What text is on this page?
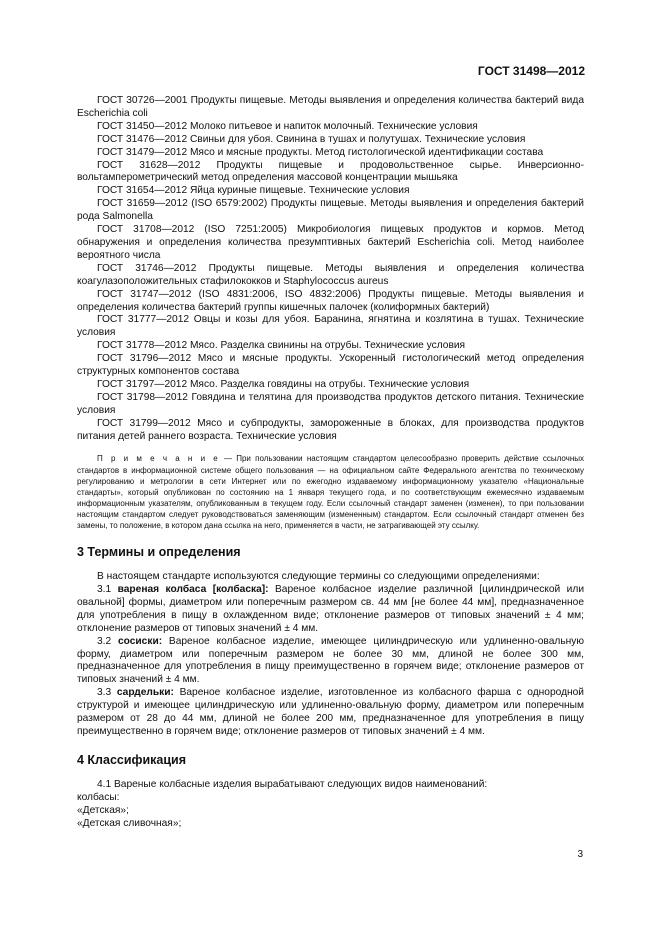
ГОСТ 31498—2012

ГОСТ 30726—2001 Продукты пищевые. Методы выявления и определения количества бактерий вида Escherichia coli

ГОСТ 31450—2012 Молоко питьевое и напиток молочный. Технические условия

ГОСТ 31476—2012 Свиньи для убоя. Свинина в тушах и полутушах. Технические условия

ГОСТ 31479—2012 Мясо и мясные продукты. Метод гистологической идентификации состава

ГОСТ 31628—2012 Продукты пищевые и продовольственное сырье. Инверсионно-вольтамперометрический метод определения массовой концентрации мышьяка

ГОСТ 31654—2012 Яйца куриные пищевые. Технические условия

ГОСТ 31659—2012 (ISO 6579:2002) Продукты пищевые. Методы выявления и определения бактерий рода Salmonella

ГОСТ 31708—2012 (ISO 7251:2005) Микробиология пищевых продуктов и кормов. Метод обнаружения и определения количества презумптивных бактерий Escherichia coli. Метод наиболее вероятного числа

ГОСТ 31746—2012 Продукты пищевые. Методы выявления и определения количества коагулазоположительных стафилококков и Staphylococcus aureus

ГОСТ 31747—2012 (ISO 4831:2006, ISO 4832:2006) Продукты пищевые. Методы выявления и определения количества бактерий группы кишечных палочек (колиформных бактерий)

ГОСТ 31777—2012 Овцы и козы для убоя. Баранина, ягнятина и козлятина в тушах. Технические условия

ГОСТ 31778—2012 Мясо. Разделка свинины на отрубы. Технические условия

ГОСТ 31796—2012 Мясо и мясные продукты. Ускоренный гистологический метод определения структурных компонентов состава

ГОСТ 31797—2012 Мясо. Разделка говядины на отрубы. Технические условия

ГОСТ 31798—2012 Говядина и телятина для производства продуктов детского питания. Технические условия

ГОСТ 31799—2012 Мясо и субпродукты, замороженные в блоках, для производства продуктов питания детей раннего возраста. Технические условия

П р и м е ч а н и е — При пользовании настоящим стандартом целесообразно проверить действие ссылочных стандартов в информационной системе общего пользования — на официальном сайте Федерального агентства по техническому регулированию и метрологии в сети Интернет или по ежегодно издаваемому информационному указателю «Национальные стандарты», который опубликован по состоянию на 1 января текущего года, и по соответствующим ежемесячно издаваемым информационным указателям, опубликованным в текущем году. Если ссылочный стандарт заменен (изменен), то при пользовании настоящим стандартом следует руководствоваться заменяющим (измененным) стандартом. Если ссылочный стандарт отменен без замены, то положение, в котором дана ссылка на него, применяется в части, не затрагивающей эту ссылку.
3 Термины и определения

В настоящем стандарте используются следующие термины со следующими определениями:

3.1 вареная колбаса [колбаска]: Вареное колбасное изделие различной [цилиндрической или овальной] формы, диаметром или поперечным размером св. 44 мм [не более 44 мм], предназначенное для употребления в пищу в охлажденном виде; отклонение размеров от типовых значений ± 4 мм; отклонение размеров от типовых значений ± 4 мм.

3.2 сосиски: Вареное колбасное изделие, имеющее цилиндрическую или удлиненно-овальную форму, диаметром или поперечным размером не более 30 мм, длиной не более 300 мм, предназначенное для употребления в пищу преимущественно в горячем виде; отклонение размеров от типовых значений ± 4 мм.

3.3 сардельки: Вареное колбасное изделие, изготовленное из колбасного фарша с однородной структурой и имеющее цилиндрическую или удлиненно-овальную форму, диаметром или поперечным размером от 28 до 44 мм, длиной не более 200 мм, предназначенное для употребления в пищу преимущественно в горячем виде; отклонение размеров от типовых значений ± 4 мм.

4 Классификация

4.1 Вареные колбасные изделия вырабатывают следующих видов наименований:

колбасы:

«Детская»;

«Детская сливочная»;

3
